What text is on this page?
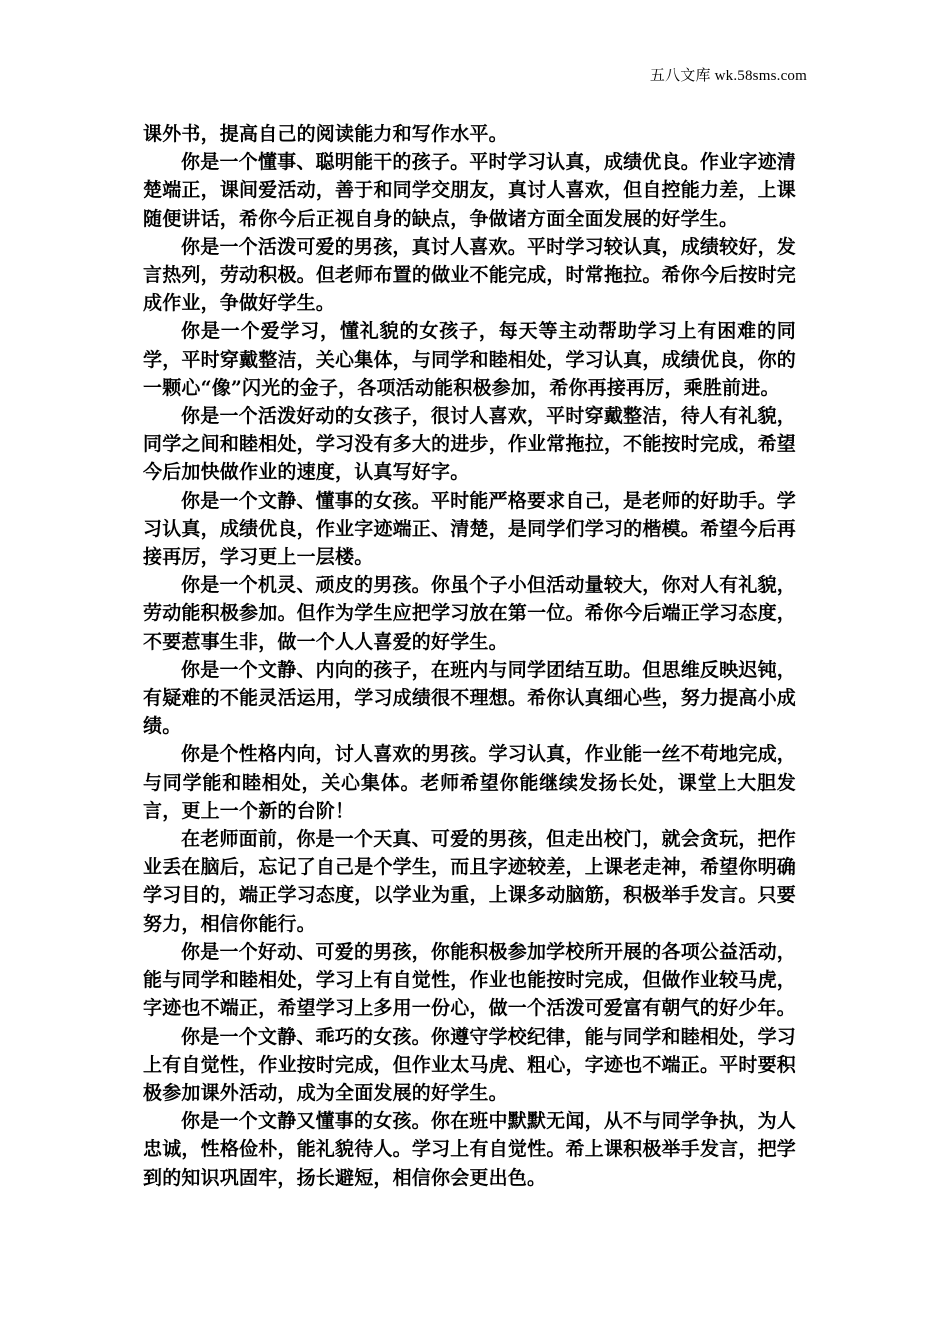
五八文库 wk.58sms.com

课外书，提高自己的阅读能力和写作水平。

你是一个懂事、聪明能干的孩子。平时学习认真，成绩优良。作业字迹清楚端正，课间爱活动，善于和同学交朋友，真讨人喜欢，但自控能力差，上课随便讲话，希你今后正视自身的缺点，争做诸方面全面发展的好学生。

你是一个活泼可爱的男孩，真讨人喜欢。平时学习较认真，成绩较好，发言热列，劳动积极。但老师布置的做业不能完成，时常拖拉。希你今后按时完成作业，争做好学生。

你是一个爱学习，懂礼貌的女孩子，每天等主动帮助学习上有困难的同学，平时穿戴整洁，关心集体，与同学和睦相处，学习认真，成绩优良，你的一颗心“像”闪光的金子，各项活动能积极参加，希你再接再厉，乘胜前进。

你是一个活泼好动的女孩子，很讨人喜欢，平时穿戴整洁，待人有礼貌，同学之间和睦相处，学习没有多大的进步，作业常拖拉，不能按时完成，希望今后加快做作业的速度，认真写好字。

你是一个文静、懂事的女孩。平时能严格要求自己，是老师的好助手。学习认真，成绩优良，作业字迹端正、清楚，是同学们学习的楷模。希望今后再接再厉，学习更上一层楼。

你是一个机灵、顽皮的男孩。你虽个子小但活动量较大，你对人有礼貌，劳动能积极参加。但作为学生应把学习放在第一位。希你今后端正学习态度，不要惹事生非，做一个人人喜爱的好学生。

你是一个文静、内向的孩子，在班内与同学团结互助。但思维反映迟钝，有疑难的不能灵活运用，学习成绩很不理想。希你认真细心些，努力提高小成绩。

你是个性格内向，讨人喜欢的男孩。学习认真，作业能一丝不苟地完成，与同学能和睦相处，关心集体。老师希望你能继续发扬长处，课堂上大胆发言，更上一个新的台阶！

在老师面前，你是一个天真、可爱的男孩，但走出校门，就会贪玩，把作业丢在脑后，忘记了自己是个学生，而且字迹较差，上课老走神，希望你明确学习目的，端正学习态度，以学业为重，上课多动脑筋，积极举手发言。只要努力，相信你能行。

你是一个好动、可爱的男孩，你能积极参加学校所开展的各项公益活动，能与同学和睦相处，学习上有自觉性，作业也能按时完成，但做作业较马虎，字迹也不端正，希望学习上多用一份心，做一个活泼可爱富有朝气的好少年。

你是一个文静、乖巧的女孩。你遵守学校纪律，能与同学和睦相处，学习上有自觉性，作业按时完成，但作业太马虎、粗心，字迹也不端正。平时要积极参加课外活动，成为全面发展的好学生。

你是一个文静又懂事的女孩。你在班中默默无闻，从不与同学争执，为人忠诚，性格俭朴，能礼貌待人。学习上有自觉性。希上课积极举手发言，把学到的知识巩固牢，扬长避短，相信你会更出色。
